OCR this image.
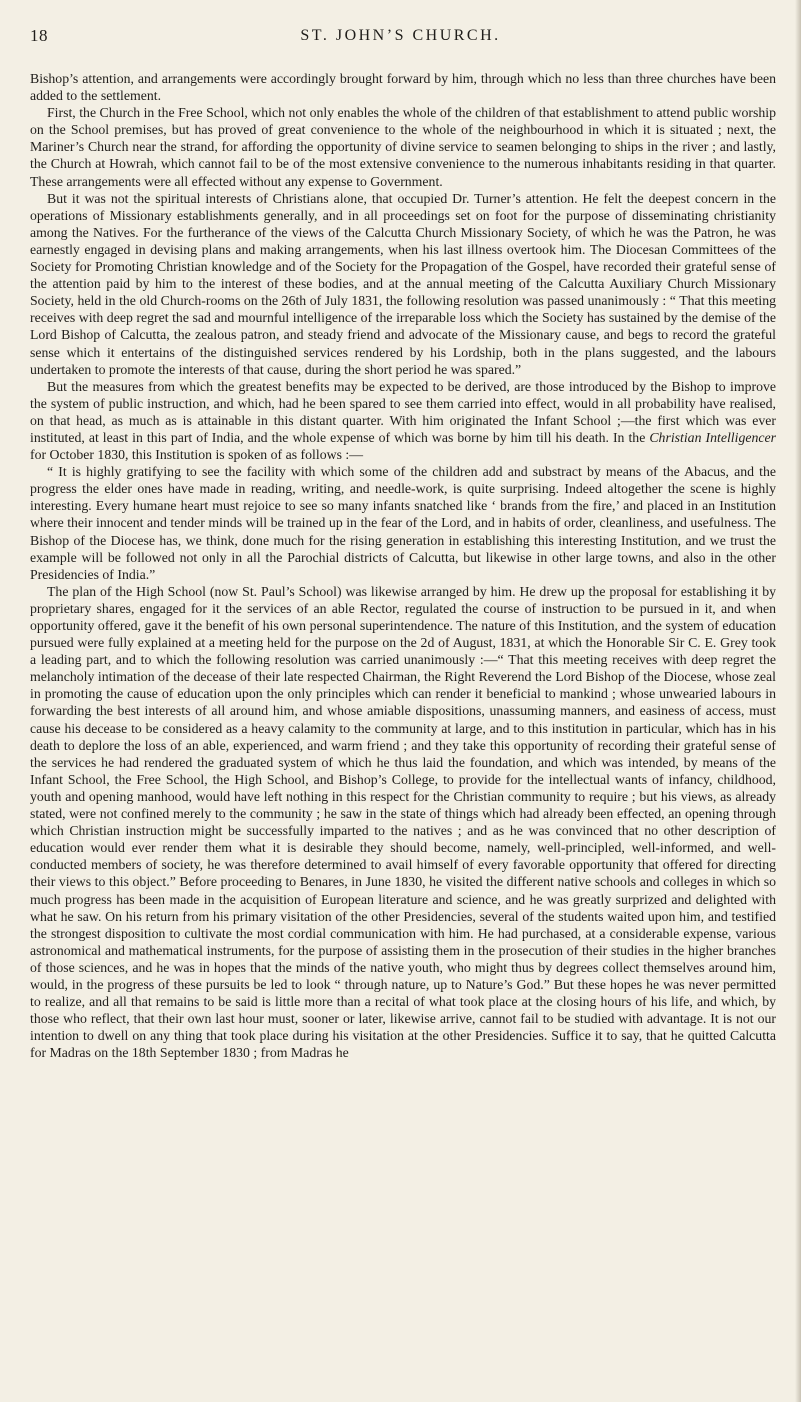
18	ST. JOHN’S CHURCH.

Bishop’s attention, and arrangements were accordingly brought forward by him, through which no less than three churches have been added to the settlement.

First, the Church in the Free School, which not only enables the whole of the children of that establishment to attend public worship on the School premises, but has proved of great convenience to the whole of the neighbourhood in which it is situated ; next, the Mariner’s Church near the strand, for affording the opportunity of divine service to seamen belonging to ships in the river ; and lastly, the Church at Howrah, which cannot fail to be of the most extensive convenience to the numerous inhabitants residing in that quarter. These arrangements were all effected without any expense to Government.

But it was not the spiritual interests of Christians alone, that occupied Dr. Turner’s attention. He felt the deepest concern in the operations of Missionary establishments generally, and in all proceedings set on foot for the purpose of disseminating christianity among the Natives. For the furtherance of the views of the Calcutta Church Missionary Society, of which he was the Patron, he was earnestly engaged in devising plans and making arrangements, when his last illness overtook him. The Diocesan Committees of the Society for Promoting Christian knowledge and of the Society for the Propagation of the Gospel, have recorded their grateful sense of the attention paid by him to the interest of these bodies, and at the annual meeting of the Calcutta Auxiliary Church Missionary Society, held in the old Church-rooms on the 26th of July 1831, the following resolution was passed unanimously : “ That this meeting receives with deep regret the sad and mournful intelligence of the irreparable loss which the Society has sustained by the demise of the Lord Bishop of Calcutta, the zealous patron, and steady friend and advocate of the Missionary cause, and begs to record the grateful sense which it entertains of the distinguished services rendered by his Lordship, both in the plans suggested, and the labours undertaken to promote the interests of that cause, during the short period he was spared.”

But the measures from which the greatest benefits may be expected to be derived, are those introduced by the Bishop to improve the system of public instruction, and which, had he been spared to see them carried into effect, would in all probability have realised, on that head, as much as is attainable in this distant quarter. With him originated the Infant School ;—the first which was ever instituted, at least in this part of India, and the whole expense of which was borne by him till his death. In the Christian Intelligencer for October 1830, this Institution is spoken of as follows :—

“ It is highly gratifying to see the facility with which some of the children add and substract by means of the Abacus, and the progress the elder ones have made in reading, writing, and needle-work, is quite surprising. Indeed altogether the scene is highly interesting. Every humane heart must rejoice to see so many infants snatched like ‘ brands from the fire,’ and placed in an Institution where their innocent and tender minds will be trained up in the fear of the Lord, and in habits of order, cleanliness, and usefulness. The Bishop of the Diocese has, we think, done much for the rising generation in establishing this interesting Institution, and we trust the example will be followed not only in all the Parochial districts of Calcutta, but likewise in other large towns, and also in the other Presidencies of India.”

The plan of the High School (now St. Paul’s School) was likewise arranged by him. He drew up the proposal for establishing it by proprietary shares, engaged for it the services of an able Rector, regulated the course of instruction to be pursued in it, and when opportunity offered, gave it the benefit of his own personal superintendence. The nature of this Institution, and the system of education pursued were fully explained at a meeting held for the purpose on the 2d of August, 1831, at which the Honorable Sir C. E. Grey took a leading part, and to which the following resolution was carried unanimously :—“ That this meeting receives with deep regret the melancholy intimation of the decease of their late respected Chairman, the Right Reverend the Lord Bishop of the Diocese, whose zeal in promoting the cause of education upon the only principles which can render it beneficial to mankind ; whose unwearied labours in forwarding the best interests of all around him, and whose amiable dispositions, unassuming manners, and easiness of access, must cause his decease to be considered as a heavy calamity to the community at large, and to this institution in particular, which has in his death to deplore the loss of an able, experienced, and warm friend ; and they take this opportunity of recording their grateful sense of the services he had rendered the graduated system of which he thus laid the foundation, and which was intended, by means of the Infant School, the Free School, the High School, and Bishop’s College, to provide for the intellectual wants of infancy, childhood, youth and opening manhood, would have left nothing in this respect for the Christian community to require ; but his views, as already stated, were not confined merely to the community ; he saw in the state of things which had already been effected, an opening through which Christian instruction might be successfully imparted to the natives ; and as he was convinced that no other description of education would ever render them what it is desirable they should become, namely, well-principled, well-informed, and well-conducted members of society, he was therefore determined to avail himself of every favorable opportunity that offered for directing their views to this object.” Before proceeding to Benares, in June 1830, he visited the different native schools and colleges in which so much progress has been made in the acquisition of European literature and science, and he was greatly surprized and delighted with what he saw. On his return from his primary visitation of the other Presidencies, several of the students waited upon him, and testified the strongest disposition to cultivate the most cordial communication with him. He had purchased, at a considerable expense, various astronomical and mathematical instruments, for the purpose of assisting them in the prosecution of their studies in the higher branches of those sciences, and he was in hopes that the minds of the native youth, who might thus by degrees collect themselves around him, would, in the progress of these pursuits be led to look “ through nature, up to Nature’s God.” But these hopes he was never permitted to realize, and all that remains to be said is little more than a recital of what took place at the closing hours of his life, and which, by those who reflect, that their own last hour must, sooner or later, likewise arrive, cannot fail to be studied with advantage. It is not our intention to dwell on any thing that took place during his visitation at the other Presidencies. Suffice it to say, that he quitted Calcutta for Madras on the 18th September 1830 ; from Madras he
